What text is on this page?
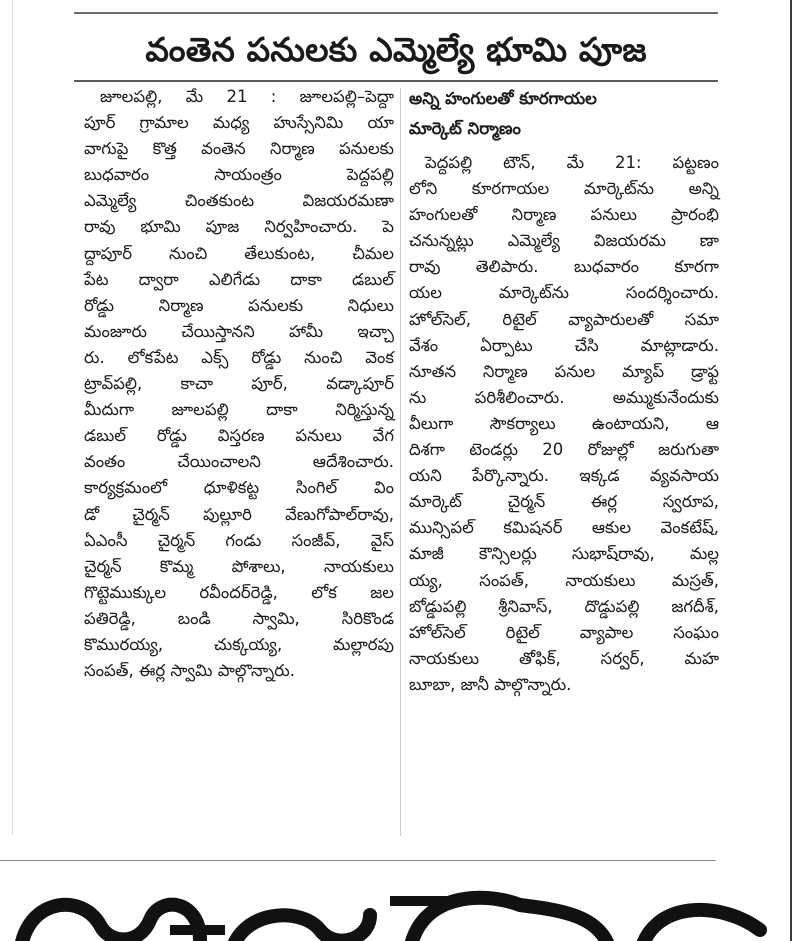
వంతెన పనులకు ఎమ్మెల్యే భూమి పూజ

జూలపల్లి, మే 21 : జూలపల్లి–పెద్దా

పూర్ గ్రామాల మధ్య హుస్సేనిమి యా

వాగుపై కొత్త వంతెన నిర్మాణ పనులకు

బుధవారం సాయంత్రం పెద్దపల్లి

ఎమ్మెల్యే చింతకుంట విజయరమణా

రావు భూమి పూజ నిర్వహించారు. పె

ద్దాపూర్ నుంచి తేలుకుంట, చీమల

పేట ద్వారా ఎలిగేడు దాకా డబుల్

రోడ్డు నిర్మాణ పనులకు నిధులు

మంజూరు చేయిస్తానని హామీ ఇచ్చా

రు. లోకపేట ఎక్స్ రోడ్డు నుంచి వెంక

ట్రావ్‌పల్లి, కాచా పూర్, వడ్కాపూర్

మీదుగా జూలపల్లి దాకా నిర్మిస్తున్న

డబుల్ రోడ్డు విస్తరణ పనులు వేగ

వంతం చేయించాలని ఆదేశించారు.

కార్యక్రమంలో ధూళికట్ట సింగిల్ విం

డో చైర్మన్ పుల్లూరి వేణుగోపాల్‌రావు,

ఏఎంసీ చైర్మన్ గండు సంజీవ్, వైస్

చైర్మన్ కొమ్మ పోశాలు, నాయకులు

గొట్టెముక్కుల రవీందర్‌రెడ్డి, లోక జల

పతిరెడ్డి, బండి స్వామి, సిరికొండ

కొమురయ్య, చుక్కయ్య, మల్లారపు

సంపత్, ఈర్ల స్వామి పాల్గొన్నారు.

అన్ని హంగులతో కూరగాయల
మార్కెట్ నిర్మాణం

పెద్దపల్లి టౌన్, మే 21: పట్టణం

లోని కూరగాయల మార్కెట్‌ను అన్ని

హంగులతో నిర్మాణ పనులు ప్రారంభి

చనున్నట్లు ఎమ్మెల్యే విజయరమ ణా

రావు తెలిపారు. బుధవారం కూరగా

యల మార్కెట్‌ను సందర్శించారు.

హోల్‌సెల్, రిటైల్ వ్యాపారులతో సమా

వేశం ఏర్పాటు చేసి మాట్లాడారు.

నూతన నిర్మాణ పనుల మ్యాప్ డ్రాఫ్ట

ను పరిశీలించారు. అమ్ముకునేందుకు

వీలుగా సౌకర్యాలు ఉంటాయని, ఆ

దిశగా టెండర్లు 20 రోజుల్లో జరుగుతా

యని పేర్కొన్నారు. ఇక్కడ వ్యవసాయ

మార్కెట్ చైర్మన్ ఈర్ల స్వరూప,

మున్సిపల్ కమిషనర్ ఆకుల వెంకటేష్,

మాజీ కౌన్సిలర్లు సుభాష్‌రావు, మల్ల

య్య, సంపత్, నాయకులు మస్రత్,

బోడ్డుపల్లి శ్రీనివాస్, దొడ్డుపల్లి జగదీశ్,

హోల్‌సెల్ రిటైల్ వ్యాపాల సంఘం

నాయకులు తోఫిక్, సర్వర్, మహ

బూబా, జానీ పాల్గొన్నారు.
